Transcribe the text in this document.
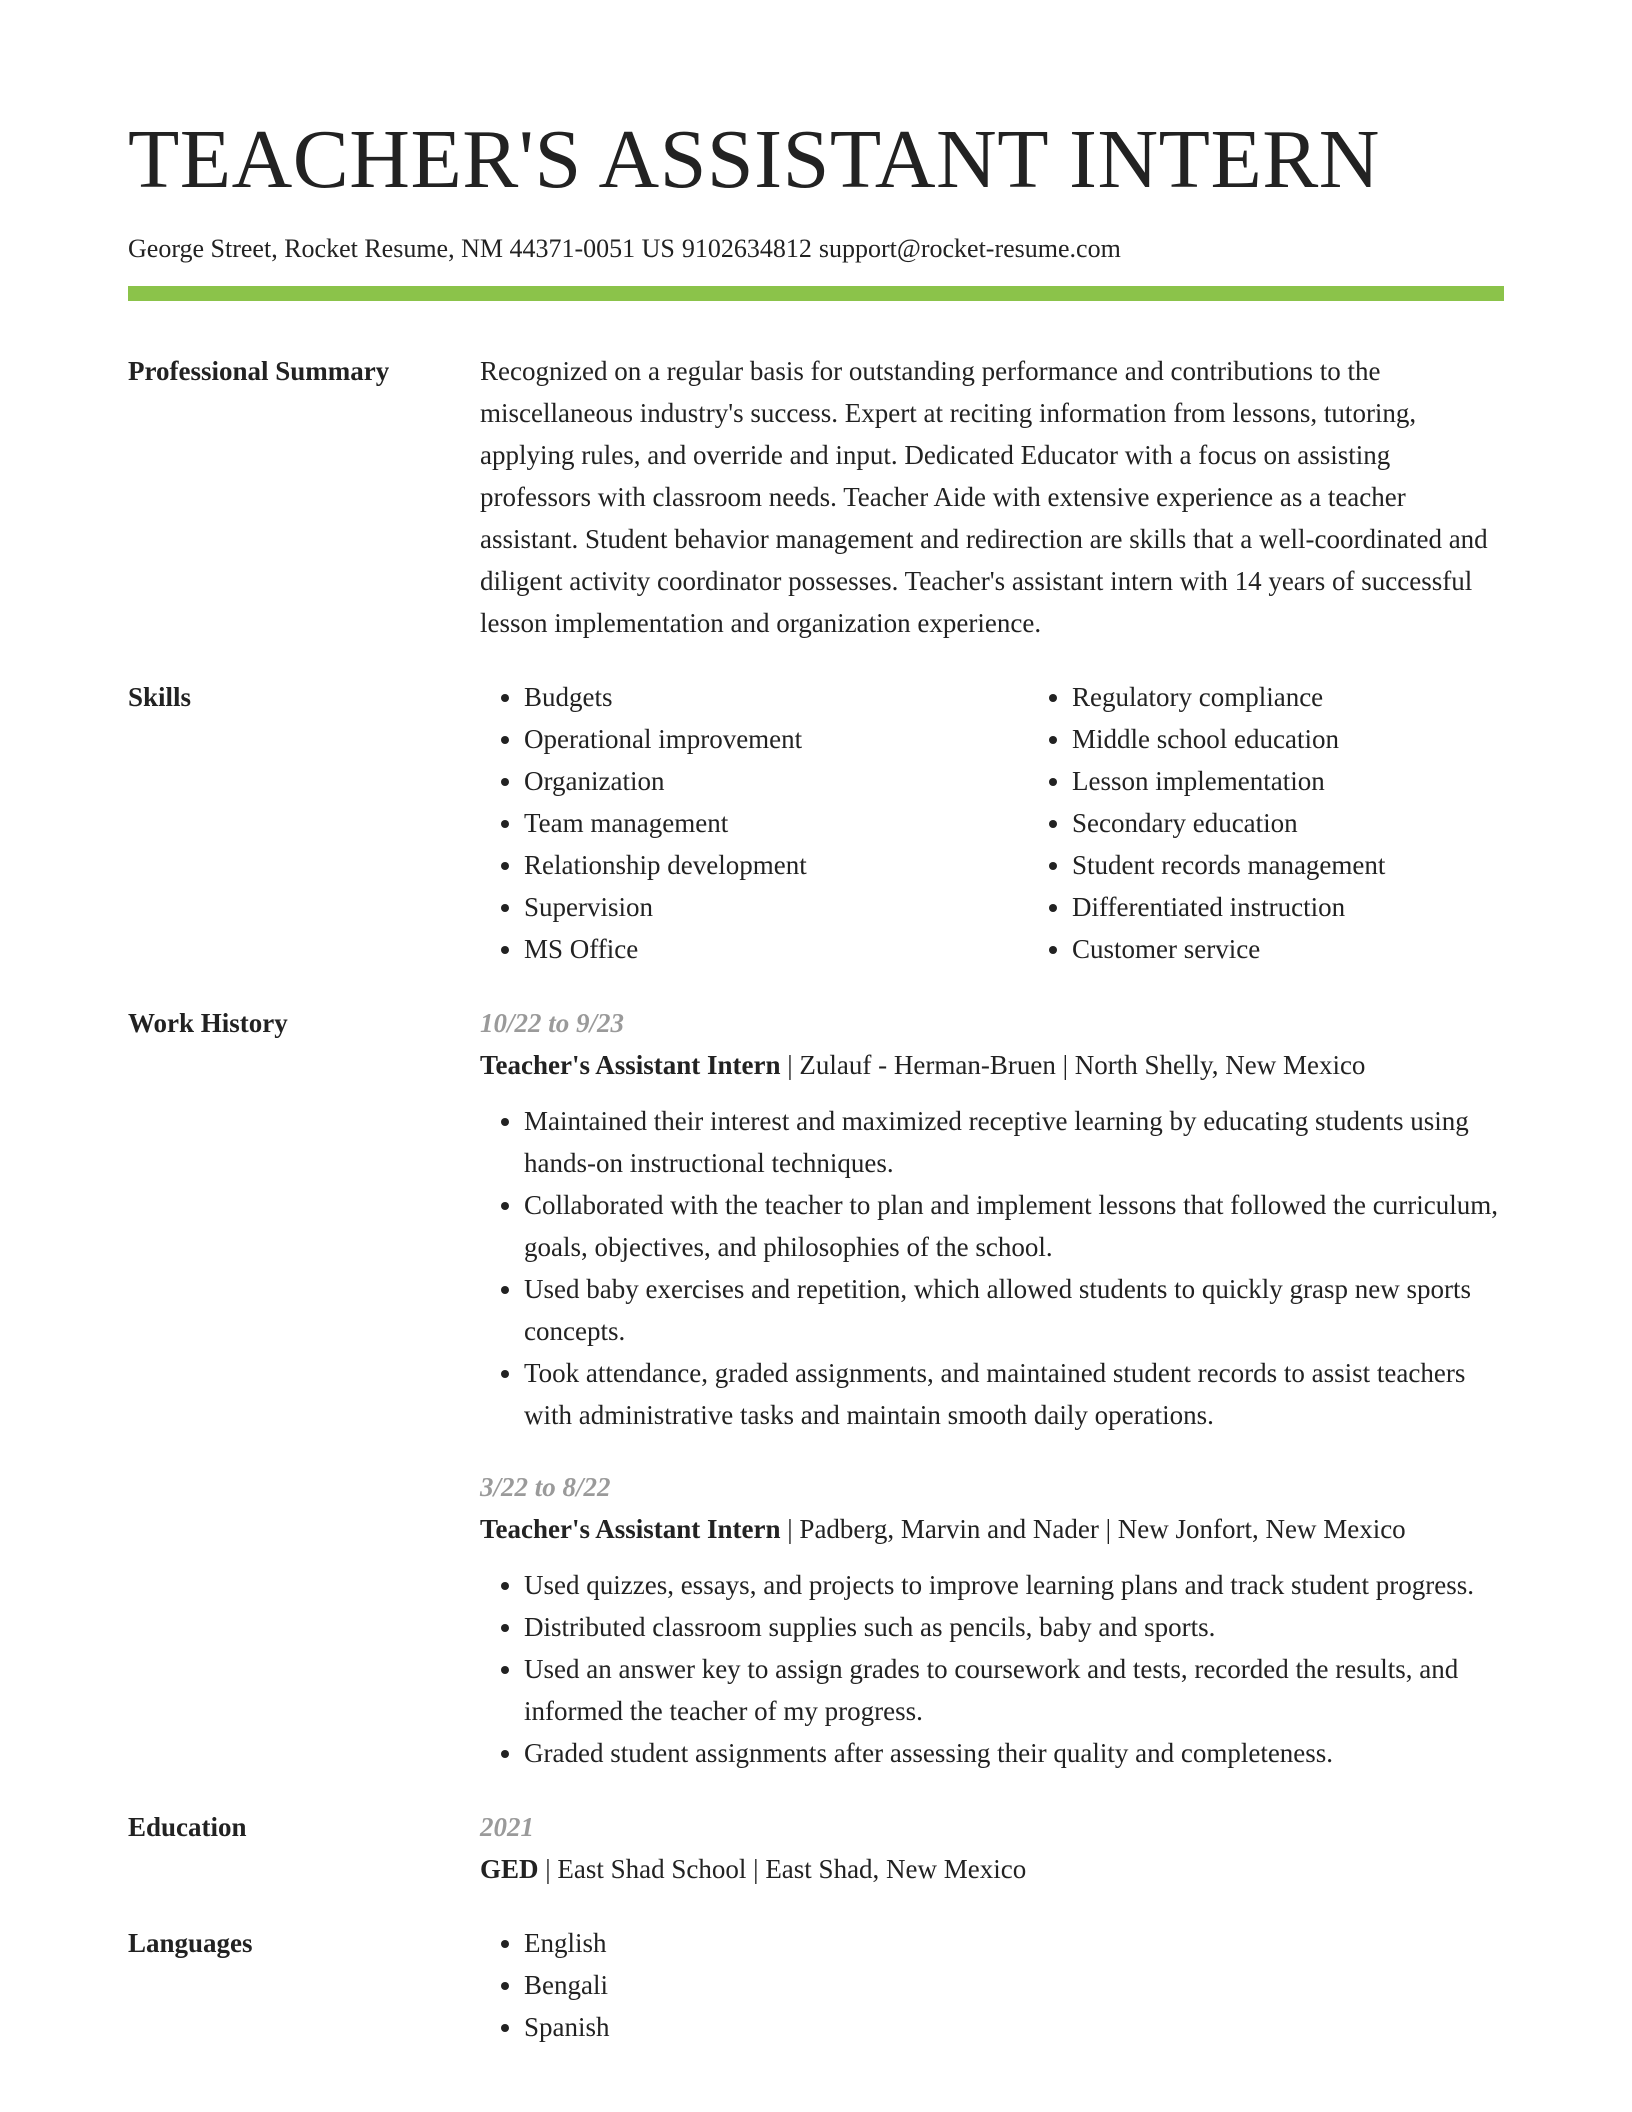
TEACHER'S ASSISTANT INTERN
George Street, Rocket Resume, NM 44371-0051 US 9102634812 support@rocket-resume.com
Professional Summary	Recognized on a regular basis for outstanding performance and contributions to the miscellaneous industry's success. Expert at reciting information from lessons, tutoring, applying rules, and override and input. Dedicated Educator with a focus on assisting professors with classroom needs. Teacher Aide with extensive experience as a teacher assistant. Student behavior management and redirection are skills that a well-coordinated and diligent activity coordinator possesses. Teacher's assistant intern with 14 years of successful lesson implementation and organization experience.

Skills	• Budgets
• Operational improvement
• Organization
• Team management
• Relationship development
• Supervision
• MS Office
• Regulatory compliance
• Middle school education
• Lesson implementation
• Secondary education
• Student records management
• Differentiated instruction
• Customer service
Work History	10/22 to 9/23
Teacher's Assistant Intern | Zulauf - Herman-Bruen | North Shelly, New Mexico
• Maintained their interest and maximized receptive learning by educating students using hands-on instructional techniques.
• Collaborated with the teacher to plan and implement lessons that followed the curriculum, goals, objectives, and philosophies of the school.
• Used baby exercises and repetition, which allowed students to quickly grasp new sports concepts.
• Took attendance, graded assignments, and maintained student records to assist teachers with administrative tasks and maintain smooth daily operations.
3/22 to 8/22
Teacher's Assistant Intern | Padberg, Marvin and Nader | New Jonfort, New Mexico
• Used quizzes, essays, and projects to improve learning plans and track student progress.
• Distributed classroom supplies such as pencils, baby and sports.
• Used an answer key to assign grades to coursework and tests, recorded the results, and informed the teacher of my progress.
• Graded student assignments after assessing their quality and completeness.
Education	2021
GED | East Shad School | East Shad, New Mexico
Languages	• English
• Bengali
• Spanish
